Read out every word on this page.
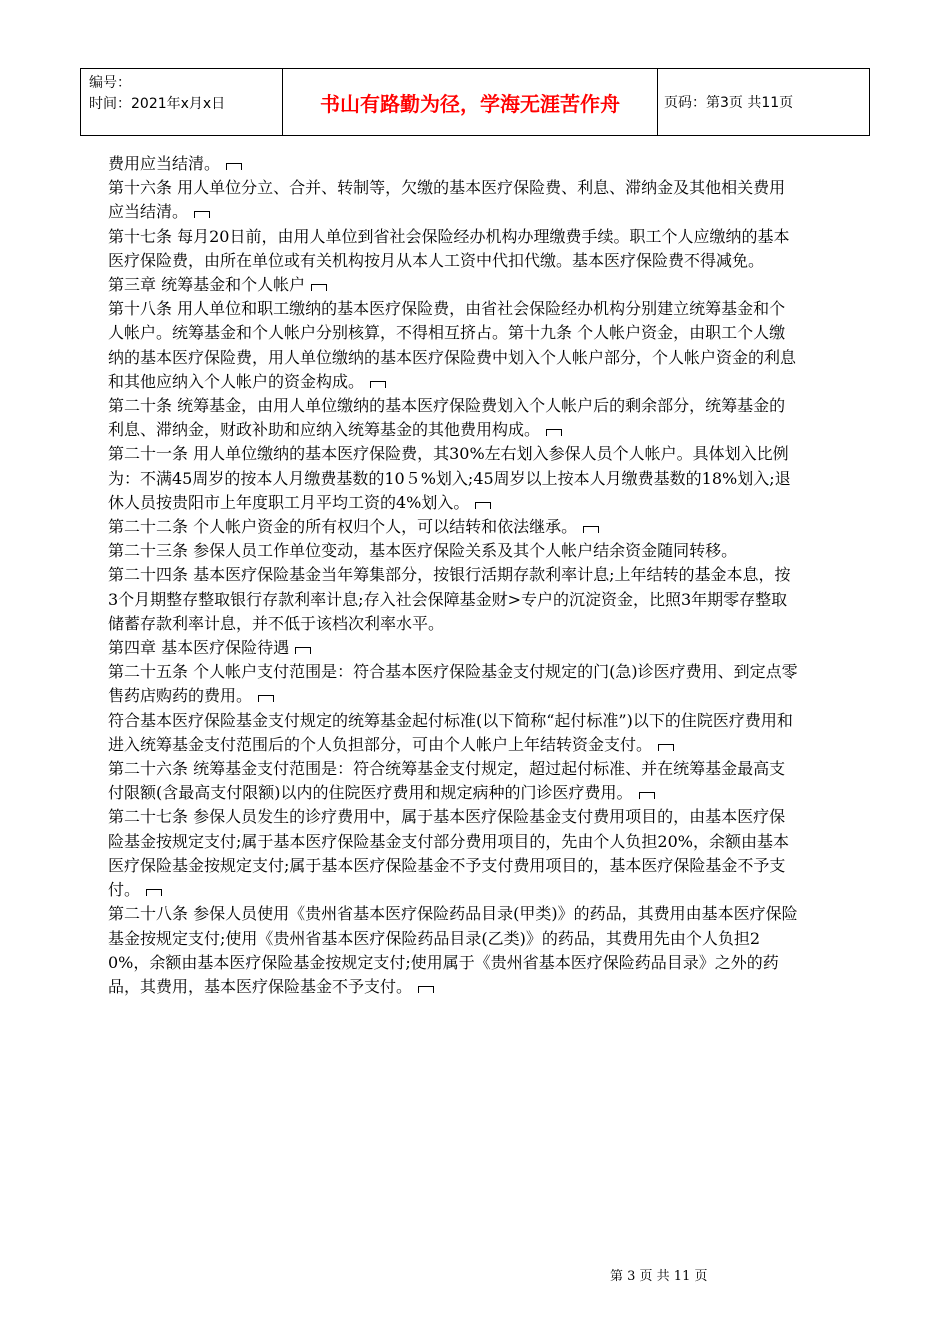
编号：
时间：2021年x月x日	书山有路勤为径，学海无涯苦作舟	页码：第3页 共11页

费用应当结清。

第十六条 用人单位分立、合并、转制等，欠缴的基本医疗保险费、利息、滞纳金及其他相关费用应当结清。

第十七条 每月20日前，由用人单位到省社会保险经办机构办理缴费手续。职工个人应缴纳的基本医疗保险费，由所在单位或有关机构按月从本人工资中代扣代缴。基本医疗保险费不得减免。

第三章 统筹基金和个人帐户

第十八条 用人单位和职工缴纳的基本医疗保险费，由省社会保险经办机构分别建立统筹基金和个人帐户。统筹基金和个人帐户分别核算，不得相互挤占。第十九条 个人帐户资金，由职工个人缴纳的基本医疗保险费，用人单位缴纳的基本医疗保险费中划入个人帐户部分，个人帐户资金的利息和其他应纳入个人帐户的资金构成。

第二十条 统筹基金，由用人单位缴纳的基本医疗保险费划入个人帐户后的剩余部分，统筹基金的利息、滞纳金，财政补助和应纳入统筹基金的其他费用构成。

第二十一条 用人单位缴纳的基本医疗保险费，其30%左右划入参保人员个人帐户。具体划入比例为：不满45周岁的按本人月缴费基数的10５%划入;45周岁以上按本人月缴费基数的18%划入;退休人员按贵阳市上年度职工月平均工资的4%划入。

第二十二条 个人帐户资金的所有权归个人，可以结转和依法继承。

第二十三条 参保人员工作单位变动，基本医疗保险关系及其个人帐户结余资金随同转移。

第二十四条 基本医疗保险基金当年筹集部分，按银行活期存款利率计息;上年结转的基金本息，按3个月期整存整取银行存款利率计息;存入社会保障基金财>专户的沉淀资金，比照3年期零存整取储蓄存款利率计息，并不低于该档次利率水平。

第四章 基本医疗保险待遇

第二十五条 个人帐户支付范围是：符合基本医疗保险基金支付规定的门(急)诊医疗费用、到定点零售药店购药的费用。

符合基本医疗保险基金支付规定的统筹基金起付标准(以下简称“起付标准”)以下的住院医疗费用和进入统筹基金支付范围后的个人负担部分，可由个人帐户上年结转资金支付。

第二十六条 统筹基金支付范围是：符合统筹基金支付规定，超过起付标准、并在统筹基金最高支付限额(含最高支付限额)以内的住院医疗费用和规定病种的门诊医疗费用。

第二十七条 参保人员发生的诊疗费用中，属于基本医疗保险基金支付费用项目的，由基本医疗保险基金按规定支付;属于基本医疗保险基金支付部分费用项目的，先由个人负担20%，余额由基本医疗保险基金按规定支付;属于基本医疗保险基金不予支付费用项目的，基本医疗保险基金不予支付。

第二十八条 参保人员使用《贵州省基本医疗保险药品目录(甲类)》的药品，其费用由基本医疗保险基金按规定支付;使用《贵州省基本医疗保险药品目录(乙类)》的药品，其费用先由个人负担20%，余额由基本医疗保险基金按规定支付;使用属于《贵州省基本医疗保险药品目录》之外的药品，其费用，基本医疗保险基金不予支付。

第 3 页 共 11 页
